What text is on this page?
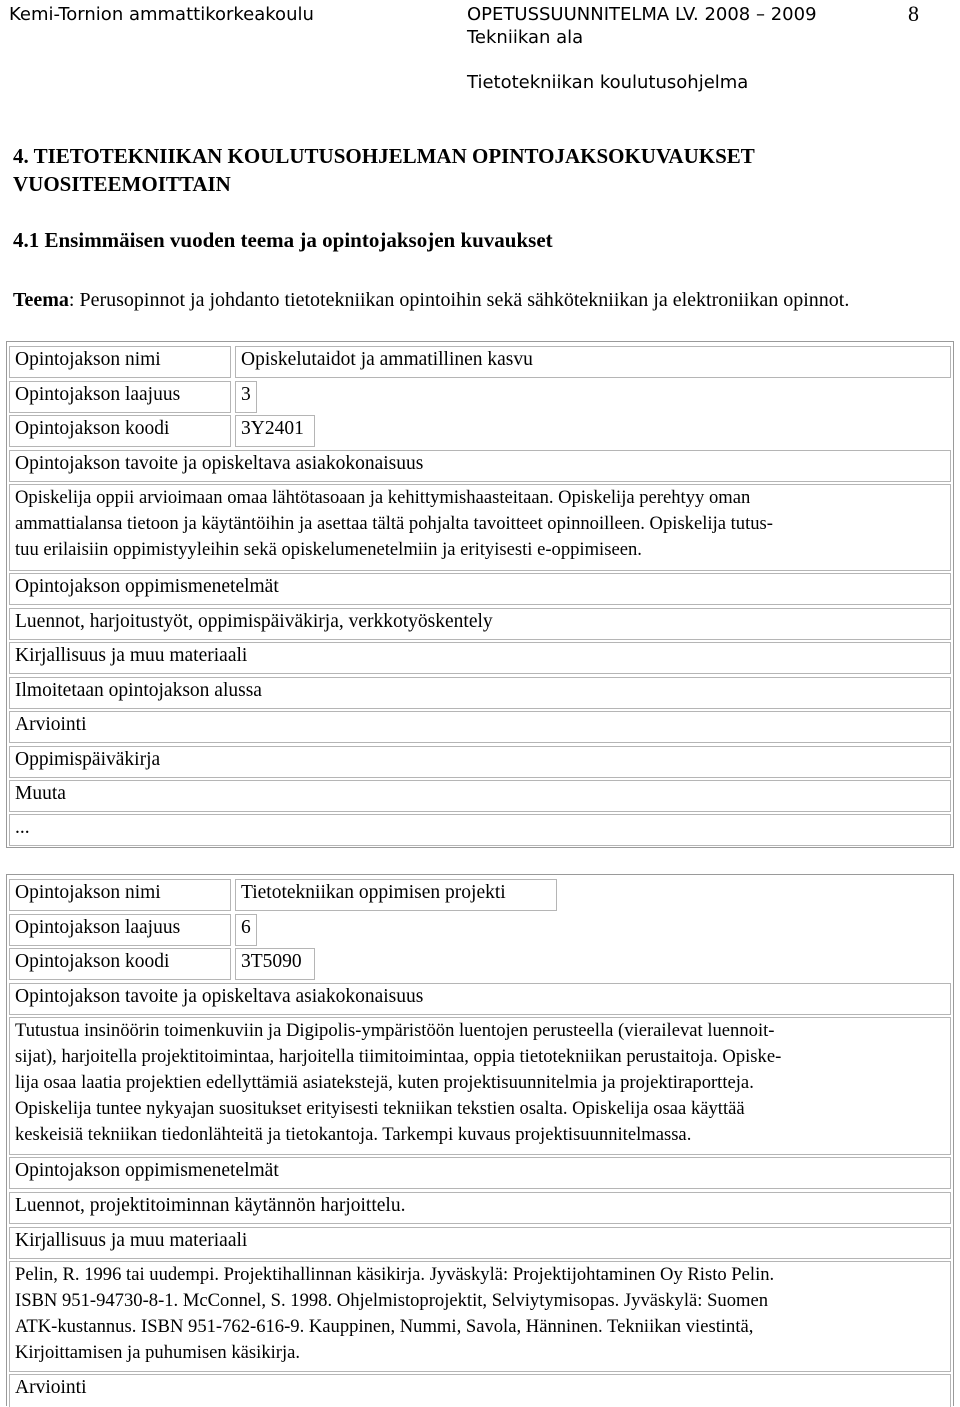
Kemi-Tornion ammattikorkeakoulu	OPETUSSUUNNITELMA LV. 2008 – 2009	8
Tekniikan ala
Tietotekniikan koulutusohjelma
4. TIETOTEKNIIKAN KOULUTUSOHJELMAN OPINTOJAKSOKUVAUKSET
VUOSITEEMOITTAIN
4.1 Ensimmäisen vuoden teema ja opintojaksojen kuvaukset
Teema: Perusopinnot ja johdanto tietotekniikan opintoihin sekä sähkötekniikan ja elektroniikan opinnot.
Opintojakson nimi	Opiskelutaidot ja ammatillinen kasvu
Opintojakson laajuus	3
Opintojakson koodi	3Y2401
Opintojakson tavoite ja opiskeltava asiakokonaisuus
Opiskelija oppii arvioimaan omaa lähtötasoaan ja kehittymishaasteitaan. Opiskelija perehtyy oman
ammattialansa tietoon ja käytäntöihin ja asettaa tältä pohjalta tavoitteet opinnoilleen. Opiskelija tutus-
tuu erilaisiin oppimistyyleihin sekä opiskelumenetelmiin ja erityisesti e-oppimiseen.
Opintojakson oppimismenetelmät
Luennot, harjoitustyöt, oppimispäiväkirja, verkkotyöskentely
Kirjallisuus ja muu materiaali
Ilmoitetaan opintojakson alussa
Arviointi
Oppimispäiväkirja
Muuta
...
Opintojakson nimi	Tietotekniikan oppimisen projekti
Opintojakson laajuus	6
Opintojakson koodi	3T5090
Opintojakson tavoite ja opiskeltava asiakokonaisuus
Tutustua insinöörin toimenkuviin ja Digipolis-ympäristöön luentojen perusteella (vierailevat luennoit-
sijat), harjoitella projektitoimintaa, harjoitella tiimitoimintaa, oppia tietotekniikan perustaitoja. Opiske-
lija osaa laatia projektien edellyttämiä asiatekstejä, kuten projektisuunnitelmia ja projektiraportteja.
Opiskelija tuntee nykyajan suositukset erityisesti tekniikan tekstien osalta. Opiskelija osaa käyttää
keskeisiä tekniikan tiedonlähteitä ja tietokantoja. Tarkempi kuvaus projektisuunnitelmassa.
Opintojakson oppimismenetelmät
Luennot, projektitoiminnan käytännön harjoittelu.
Kirjallisuus ja muu materiaali
Pelin, R. 1996 tai uudempi. Projektihallinnan käsikirja. Jyväskylä: Projektijohtaminen Oy Risto Pelin.
ISBN 951-94730-8-1. McConnel, S. 1998. Ohjelmistoprojektit, Selviytymisopas. Jyväskylä: Suomen
ATK-kustannus. ISBN 951-762-616-9. Kauppinen, Nummi, Savola, Hänninen. Tekniikan viestintä,
Kirjoittamisen ja puhumisen käsikirja.
Arviointi
